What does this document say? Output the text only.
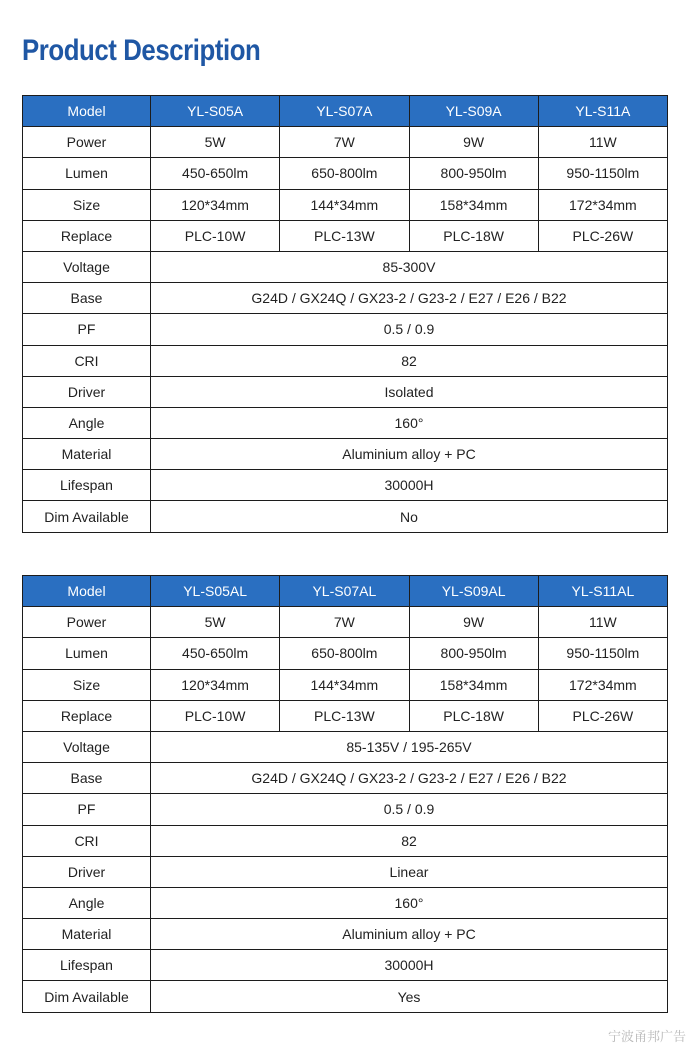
Product Description
Model	YL-S05A	YL-S07A	YL-S09A	YL-S11A
Power	5W	7W	9W	11W
Lumen	450-650lm	650-800lm	800-950lm	950-1150lm
Size	120*34mm	144*34mm	158*34mm	172*34mm
Replace	PLC-10W	PLC-13W	PLC-18W	PLC-26W
Voltage	85-300V			
Base	G24D / GX24Q / GX23-2 / G23-2 / E27 / E26 / B22			
PF	0.5 / 0.9			
CRI	82			
Driver	Isolated			
Angle	160°			
Material	Aluminium alloy + PC			
Lifespan	30000H			
Dim Available	No			
Model	YL-S05AL	YL-S07AL	YL-S09AL	YL-S11AL
Power	5W	7W	9W	11W
Lumen	450-650lm	650-800lm	800-950lm	950-1150lm
Size	120*34mm	144*34mm	158*34mm	172*34mm
Replace	PLC-10W	PLC-13W	PLC-18W	PLC-26W
Voltage	85-135V / 195-265V			
Base	G24D / GX24Q / GX23-2 / G23-2 / E27 / E26 / B22			
PF	0.5 / 0.9			
CRI	82			
Driver	Linear			
Angle	160°			
Material	Aluminium alloy + PC			
Lifespan	30000H			
Dim Available	Yes			
宁波甬邦广告
